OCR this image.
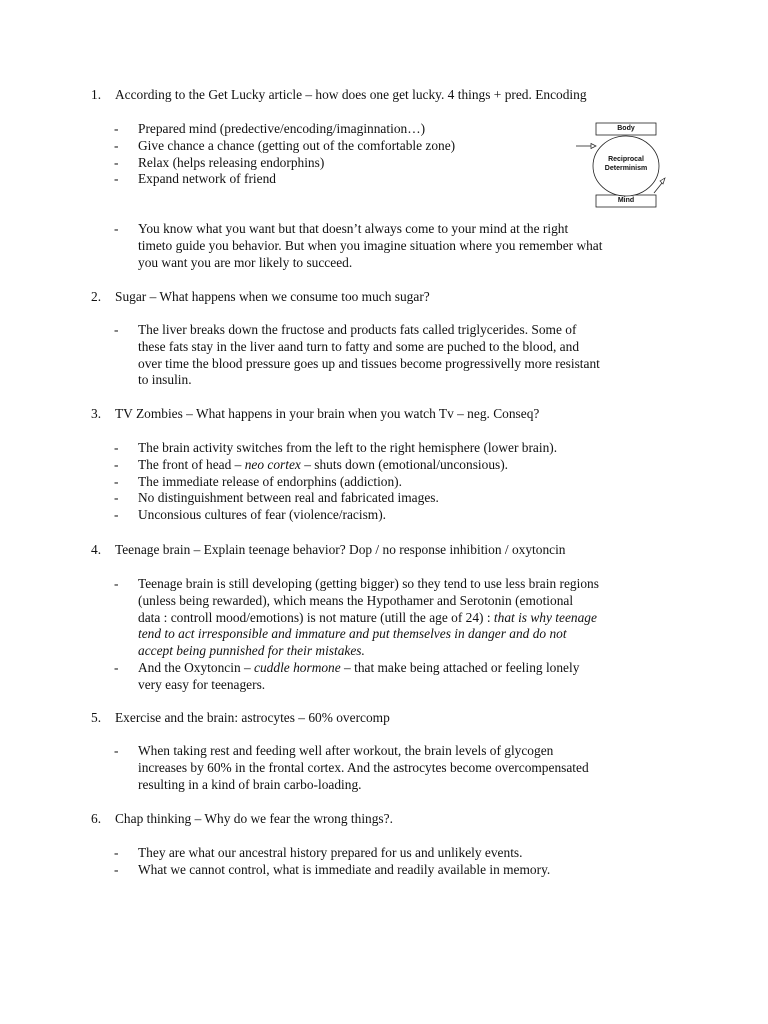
1. According to the Get Lucky article – how does one get lucky. 4 things + pred. Encoding
- Prepared mind (predective/encoding/imaginnation…)
- Give chance a chance (getting out of the comfortable zone)
- Relax (helps releasing endorphins)
- Expand network of friend
Body
Reciprocal
Determinism
Mind
- You know what you want but that doesn’t always come to your mind at the right
timeto guide you behavior. But when you imagine situation where you remember what
you want you are mor likely to succeed.
2. Sugar – What happens when we consume too much sugar?
- The liver breaks down the fructose and products fats called triglycerides. Some of
these fats stay in the liver aand turn to fatty and some are puched to the blood, and
over time the blood pressure goes up and tissues become progressivelly more resistant
to insulin.
3. TV Zombies – What happens in your brain when you watch Tv – neg. Conseq?
- The brain activity switches from the left to the right hemisphere (lower brain).
- The front of head – neo cortex – shuts down (emotional/unconsious).
- The immediate release of endorphins (addiction).
- No distinguishment between real and fabricated images.
- Unconsious cultures of fear (violence/racism).
4. Teenage brain – Explain teenage behavior? Dop / no response inhibition / oxytoncin
- Teenage brain is still developing (getting bigger) so they tend to use less brain regions
(unless being rewarded), which means the Hypothamer and Serotonin (emotional
data : controll mood/emotions) is not mature (utill the age of 24) : that is why teenage
tend to act irresponsible and immature and put themselves in danger and do not
accept being punnished for their mistakes.
- And the Oxytoncin – cuddle hormone – that make being attached or feeling lonely
very easy for teenagers.
5. Exercise and the brain: astrocytes – 60% overcomp
- When taking rest and feeding well after workout, the brain levels of glycogen
increases by 60% in the frontal cortex. And the astrocytes become overcompensated
resulting in a kind of brain carbo-loading.
6. Chap thinking – Why do we fear the wrong things?.
- They are what our ancestral history prepared for us and unlikely events.
- What we cannot control, what is immediate and readily available in memory.
